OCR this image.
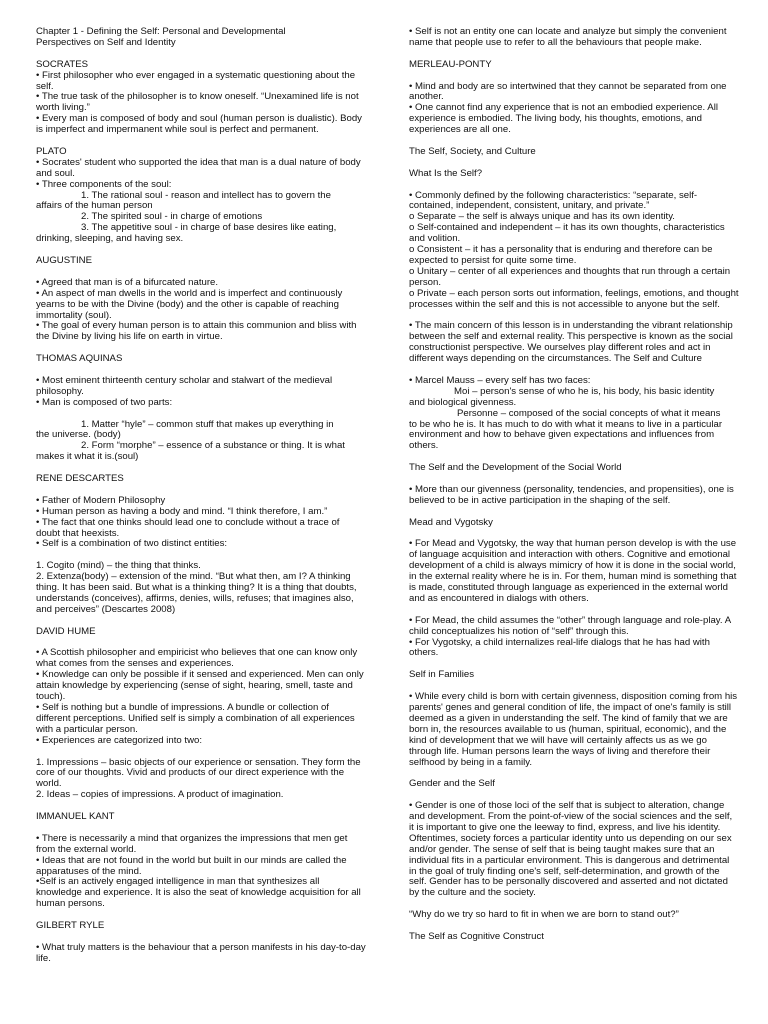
Chapter 1 - Defining the Self: Personal and Developmental

Perspectives on Self and Identity

SOCRATES

• First philosopher who ever engaged in a systematic questioning about the self.

• The true task of the philosopher is to know oneself. “Unexamined life is not worth living.”

• Every man is composed of body and soul (human person is dualistic). Body is imperfect and impermanent while soul is perfect and permanent.

PLATO

• Socrates' student who supported the idea that man is a dual nature of body and soul.

• Three components of the soul:

1. The rational soul - reason and intellect has to govern the

affairs of the human person

2. The spirited soul - in charge of emotions

3. The appetitive soul - in charge of base desires like eating,

drinking, sleeping, and having sex.

AUGUSTINE

• Agreed that man is of a bifurcated nature.

• An aspect of man dwells in the world and is imperfect and continuously yearns to be with the Divine (body) and the other is capable of reaching immortality (soul).

• The goal of every human person is to attain this communion and bliss with the Divine by living his life on earth in virtue.

THOMAS AQUINAS

• Most eminent thirteenth century scholar and stalwart of the medieval philosophy.

• Man is composed of two parts:

1. Matter “hyle” – common stuff that makes up everything in

the universe. (body)

2. Form “morphe” – essence of a substance or thing. It is what

makes it what it is.(soul)

RENE DESCARTES

• Father of Modern Philosophy

• Human person as having a body and mind. “I think therefore, I am.”

• The fact that one thinks should lead one to conclude without a trace of doubt that heexists.

• Self is a combination of two distinct entities:

1. Cogito (mind) – the thing that thinks.

2. Extenza(body) – extension of the mind. “But what then, am I? A thinking thing. It has been said. But what is a thinking thing? It is a thing that doubts, understands (conceives), affirms, denies, wills, refuses; that imagines also, and perceives” (Descartes 2008)

DAVID HUME

• A Scottish philosopher and empiricist who believes that one can know only what comes from the senses and experiences.

• Knowledge can only be possible if it sensed and experienced. Men can only attain knowledge by experiencing (sense of sight, hearing, smell, taste and touch).

• Self is nothing but a bundle of impressions. A bundle or collection of different perceptions. Unified self is simply a combination of all experiences with a particular person.

• Experiences are categorized into two:

1. Impressions – basic objects of our experience or sensation. They form the core of our thoughts. Vivid and products of our direct experience with the world.

2. Ideas – copies of impressions. A product of imagination.

IMMANUEL KANT

• There is necessarily a mind that organizes the impressions that men get from the external world.

• Ideas that are not found in the world but built in our minds are called the apparatuses of the mind.

•Self is an actively engaged intelligence in man that synthesizes all knowledge and experience. It is also the seat of knowledge acquisition for all human persons.

GILBERT RYLE

• What truly matters is the behaviour that a person manifests in his day-to-day life.

• Self is not an entity one can locate and analyze but simply the convenient name that people use to refer to all the behaviours that people make.

MERLEAU-PONTY

• Mind and body are so intertwined that they cannot be separated from one another.

• One cannot find any experience that is not an embodied experience. All experience is embodied. The living body, his thoughts, emotions, and experiences are all one.

The Self, Society, and Culture

What Is the Self?

• Commonly defined by the following characteristics: “separate, self-contained, independent, consistent, unitary, and private.”

o Separate – the self is always unique and has its own identity.

o Self-contained and independent – it has its own thoughts, characteristics and volition.

o Consistent – it has a personality that is enduring and therefore can be expected to persist for quite some time.

o Unitary – center of all experiences and thoughts that run through a certain person.

o Private – each person sorts out information, feelings, emotions, and thought processes within the self and this is not accessible to anyone but the self.

• The main concern of this lesson is in understanding the vibrant relationship between the self and external reality. This perspective is known as the social constructionist perspective. We ourselves play different roles and act in different ways depending on the circumstances. The Self and Culture

• Marcel Mauss – every self has two faces:

Moi – person's sense of who he is, his body, his basic identity

and biological givenness.

Personne – composed of the social concepts of what it means

to be who he is. It has much to do with what it means to live in a particular environment and how to behave given expectations and influences from others.

The Self and the Development of the Social World

• More than our givenness (personality, tendencies, and propensities), one is believed to be in active participation in the shaping of the self.

Mead and Vygotsky

• For Mead and Vygotsky, the way that human person develop is with the use of language acquisition and interaction with others. Cognitive and emotional development of a child is always mimicry of how it is done in the social world, in the external reality where he is in. For them, human mind is something that is made, constituted through language as experienced in the external world and as encountered in dialogs with others.

• For Mead, the child assumes the “other” through language and role-play. A child conceptualizes his notion of “self” through this.

• For Vygotsky, a child internalizes real-life dialogs that he has had with others.

Self in Families

• While every child is born with certain givenness, disposition coming from his parents' genes and general condition of life, the impact of one's family is still deemed as a given in understanding the self. The kind of family that we are born in, the resources available to us (human, spiritual, economic), and the kind of development that we will have will certainly affects us as we go through life. Human persons learn the ways of living and therefore their selfhood by being in a family.

Gender and the Self

• Gender is one of those loci of the self that is subject to alteration, change and development. From the point-of-view of the social sciences and the self, it is important to give one the leeway to find, express, and live his identity. Oftentimes, society forces a particular identity unto us depending on our sex and/or gender. The sense of self that is being taught makes sure that an individual fits in a particular environment. This is dangerous and detrimental in the goal of truly finding one's self, self-determination, and growth of the self. Gender has to be personally discovered and asserted and not dictated by the culture and the society.

“Why do we try so hard to fit in when we are born to stand out?”

The Self as Cognitive Construct
